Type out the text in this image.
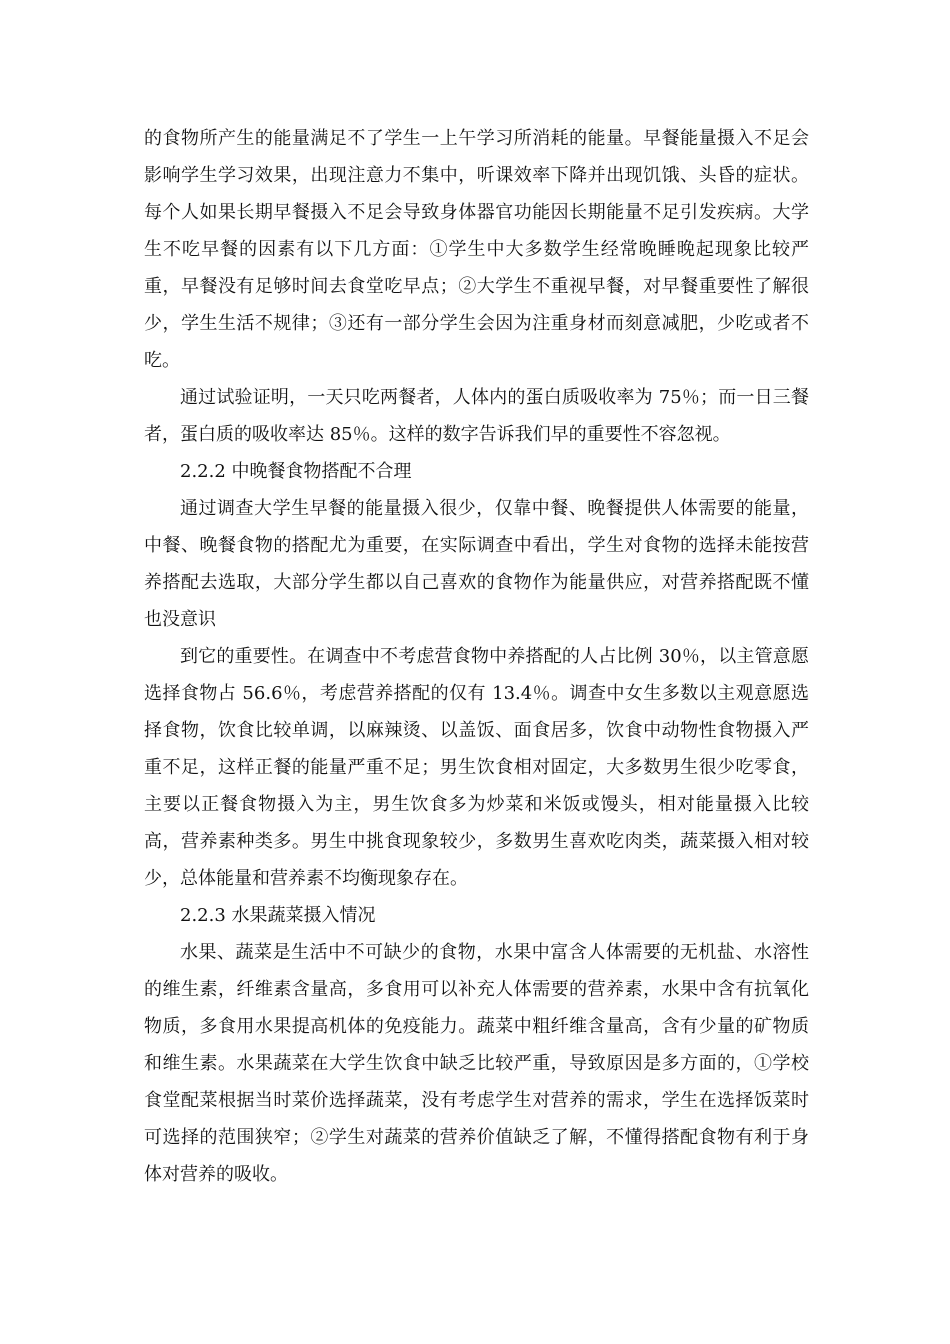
的食物所产生的能量满足不了学生一上午学习所消耗的能量。早餐能量摄入不足会影响学生学习效果，出现注意力不集中，听课效率下降并出现饥饿、头昏的症状。每个人如果长期早餐摄入不足会导致身体器官功能因长期能量不足引发疾病。大学生不吃早餐的因素有以下几方面：①学生中大多数学生经常晚睡晚起现象比较严重，早餐没有足够时间去食堂吃早点；②大学生不重视早餐，对早餐重要性了解很少，学生生活不规律；③还有一部分学生会因为注重身材而刻意减肥，少吃或者不吃。

通过试验证明，一天只吃两餐者，人体内的蛋白质吸收率为 75％；而一日三餐者，蛋白质的吸收率达 85％。这样的数字告诉我们早的重要性不容忽视。

2.2.2 中晚餐食物搭配不合理

通过调查大学生早餐的能量摄入很少，仅靠中餐、晚餐提供人体需要的能量，中餐、晚餐食物的搭配尤为重要，在实际调查中看出，学生对食物的选择未能按营养搭配去选取，大部分学生都以自己喜欢的食物作为能量供应，对营养搭配既不懂也没意识

到它的重要性。在调查中不考虑营食物中养搭配的人占比例 30％，以主管意愿选择食物占 56.6％，考虑营养搭配的仅有 13.4％。调查中女生多数以主观意愿选择食物，饮食比较单调，以麻辣烫、以盖饭、面食居多，饮食中动物性食物摄入严重不足，这样正餐的能量严重不足；男生饮食相对固定，大多数男生很少吃零食，主要以正餐食物摄入为主，男生饮食多为炒菜和米饭或馒头，相对能量摄入比较高，营养素种类多。男生中挑食现象较少，多数男生喜欢吃肉类，蔬菜摄入相对较少，总体能量和营养素不均衡现象存在。

2.2.3 水果蔬菜摄入情况

水果、蔬菜是生活中不可缺少的食物，水果中富含人体需要的无机盐、水溶性的维生素，纤维素含量高，多食用可以补充人体需要的营养素，水果中含有抗氧化物质，多食用水果提高机体的免疫能力。蔬菜中粗纤维含量高，含有少量的矿物质和维生素。水果蔬菜在大学生饮食中缺乏比较严重，导致原因是多方面的，①学校食堂配菜根据当时菜价选择蔬菜，没有考虑学生对营养的需求，学生在选择饭菜时可选择的范围狭窄；②学生对蔬菜的营养价值缺乏了解，不懂得搭配食物有利于身体对营养的吸收。
